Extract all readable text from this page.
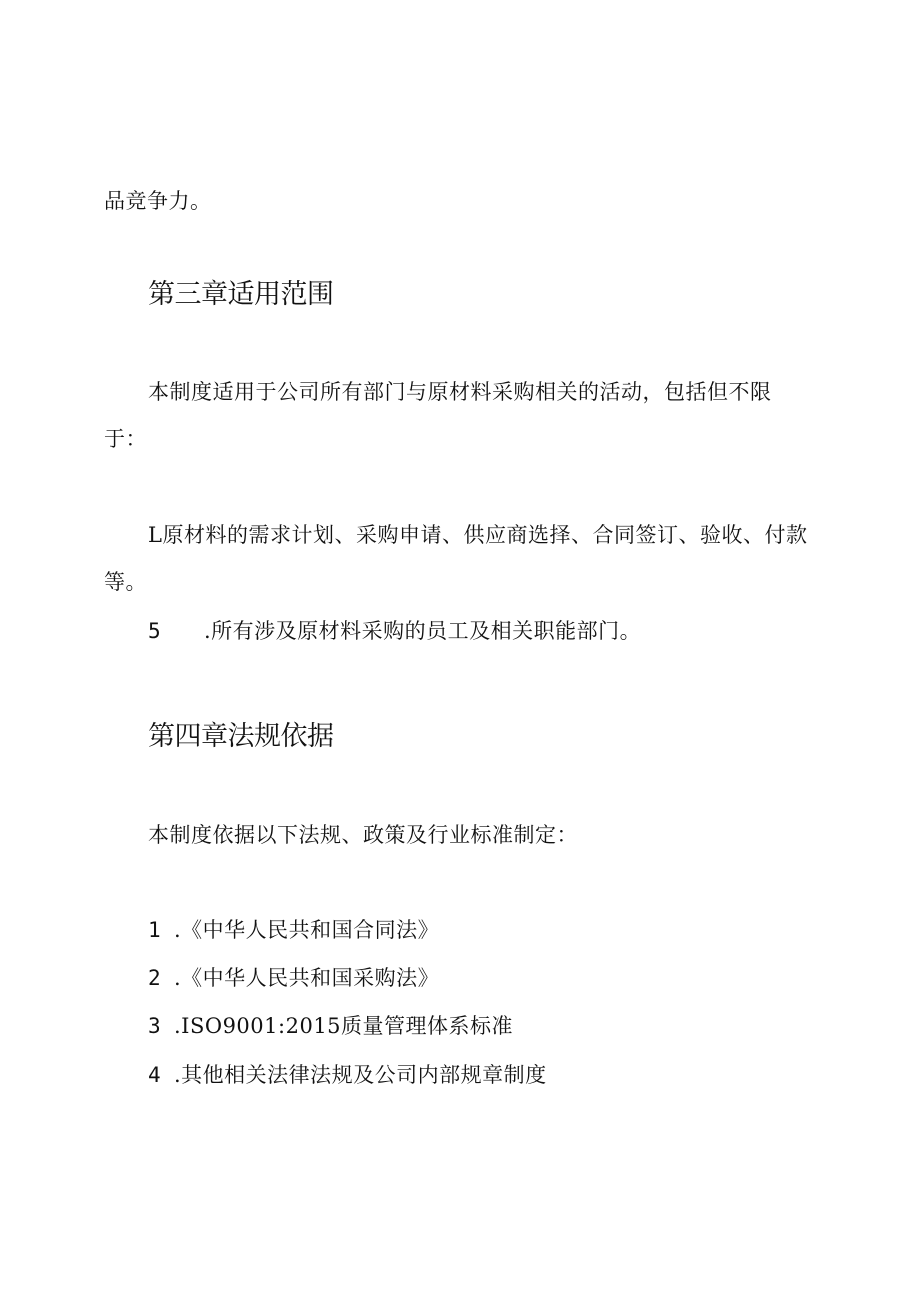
品竞争力。

第三章适用范围

本制度适用于公司所有部门与原材料采购相关的活动，包括但不限

于：

L原材料的需求计划、采购申请、供应商选择、合同签订、验收、付款

等。

5 .所有涉及原材料采购的员工及相关职能部门。

第四章法规依据

本制度依据以下法规、政策及行业标准制定：

1 .《中华人民共和国合同法》

2 .《中华人民共和国采购法》

3 .ISO9001:2015质量管理体系标准

4 .其他相关法律法规及公司内部规章制度
